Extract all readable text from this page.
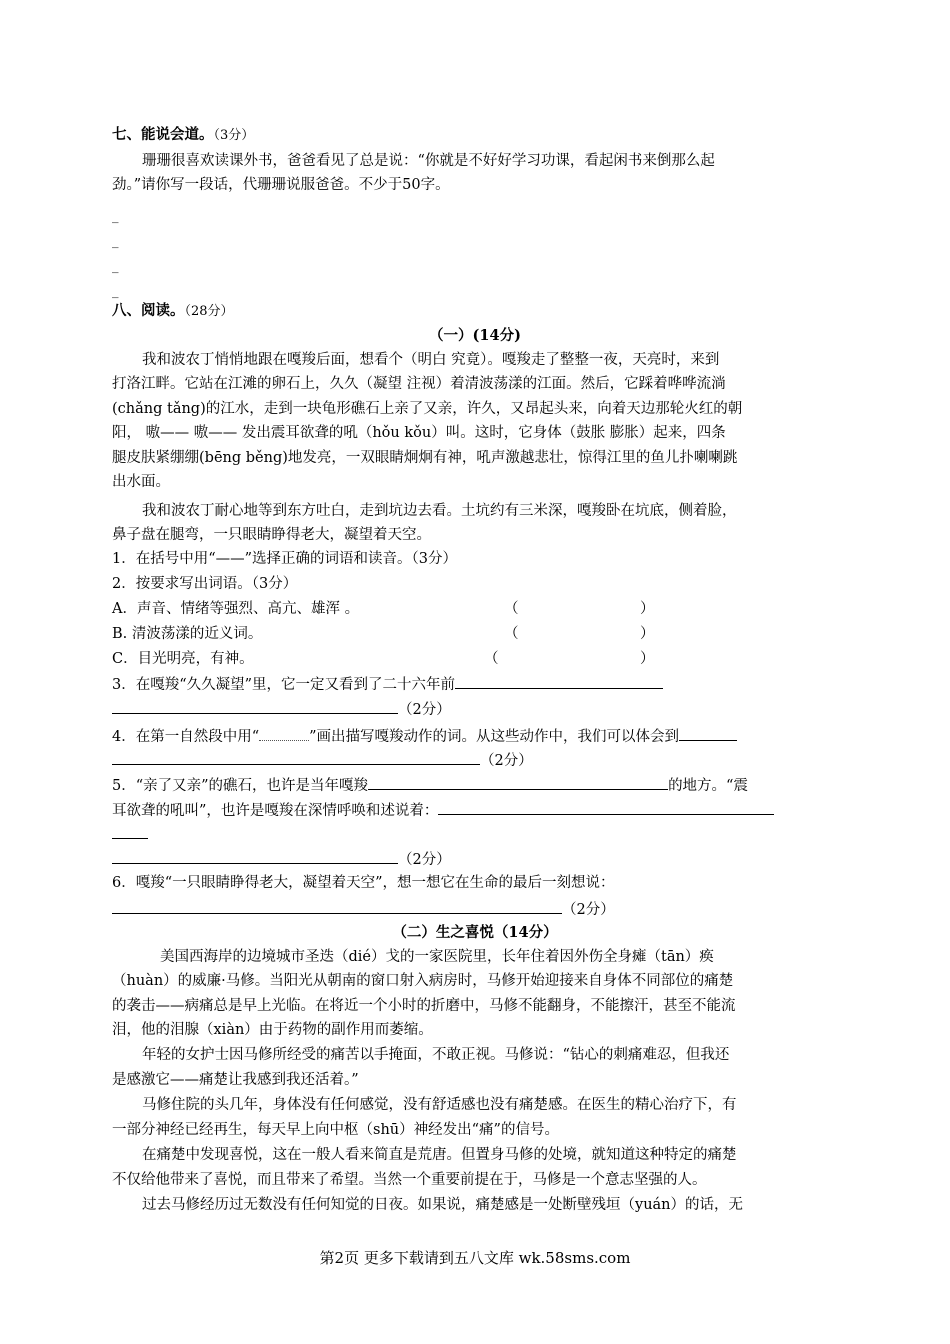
七、能说会道。（3分）
珊珊很喜欢读课外书，爸爸看见了总是说：“你就是不好好学习功课，看起闲书来倒那么起
劲。”请你写一段话，代珊珊说服爸爸。不少于50字。
_
_
_
_
八、阅读。（28分）
（一）(14分)
我和波农丁悄悄地跟在嘎羧后面，想看个（明白 究竟）。嘎羧走了整整一夜，天亮时，来到
打洛江畔。它站在江滩的卵石上，久久（凝望 注视）着清波荡漾的江面。然后，它踩着哗哗流淌
(chǎng tǎng)的江水，走到一块龟形礁石上亲了又亲，许久，又昂起头来，向着天边那轮火红的朝
阳， 嗷—— 嗷—— 发出震耳欲聋的吼（hǒu kǒu）叫。这时，它身体（鼓胀 膨胀）起来，四条
腿皮肤紧绷绷(bēng běng)地发亮，一双眼睛炯炯有神，吼声激越悲壮，惊得江里的鱼儿扑喇喇跳
出水面。
我和波农丁耐心地等到东方吐白，走到坑边去看。土坑约有三米深，嘎羧卧在坑底，侧着脸，
鼻子盘在腿弯，一只眼睛睁得老大，凝望着天空。
1．在括号中用“——”选择正确的词语和读音。（3分）
2．按要求写出词语。（3分）
A．声音、情绪等强烈、高亢、雄浑 。	（	）
B. 清波荡漾的近义词。	（	）
C．目光明亮，有神。	（	）
3．在嘎羧“久久凝望”里，它一定又看到了二十六年前
（2分）
4．在第一自然段中用“	”画出描写嘎羧动作的词。从这些动作中，我们可以体会到
（2分）
5．“亲了又亲”的礁石，也许是当年嘎羧	的地方。“震
耳欲聋的吼叫”，也许是嘎羧在深情呼唤和述说着：
（2分）
6．嘎羧“一只眼睛睁得老大，凝望着天空”，想一想它在生命的最后一刻想说：
（2分）
（二）生之喜悦（14分）
美国西海岸的边境城市圣迭（dié）戈的一家医院里，长年住着因外伤全身瘫（tān）痪
（huàn）的威廉·马修。当阳光从朝南的窗口射入病房时，马修开始迎接来自身体不同部位的痛楚
的袭击——病痛总是早上光临。在将近一个小时的折磨中，马修不能翻身，不能擦汗，甚至不能流
泪，他的泪腺（xiàn）由于药物的副作用而萎缩。
年轻的女护士因马修所经受的痛苦以手掩面，不敢正视。马修说：“钻心的刺痛难忍，但我还
是感激它——痛楚让我感到我还活着。”
马修住院的头几年，身体没有任何感觉，没有舒适感也没有痛楚感。在医生的精心治疗下，有
一部分神经已经再生，每天早上向中枢（shū）神经发出“痛”的信号。
在痛楚中发现喜悦，这在一般人看来简直是荒唐。但置身马修的处境，就知道这种特定的痛楚
不仅给他带来了喜悦，而且带来了希望。当然一个重要前提在于，马修是一个意志坚强的人。
过去马修经历过无数没有任何知觉的日夜。如果说，痛楚感是一处断壁残垣（yuán）的话，无
第2页 更多下载请到五八文库 wk.58sms.com
